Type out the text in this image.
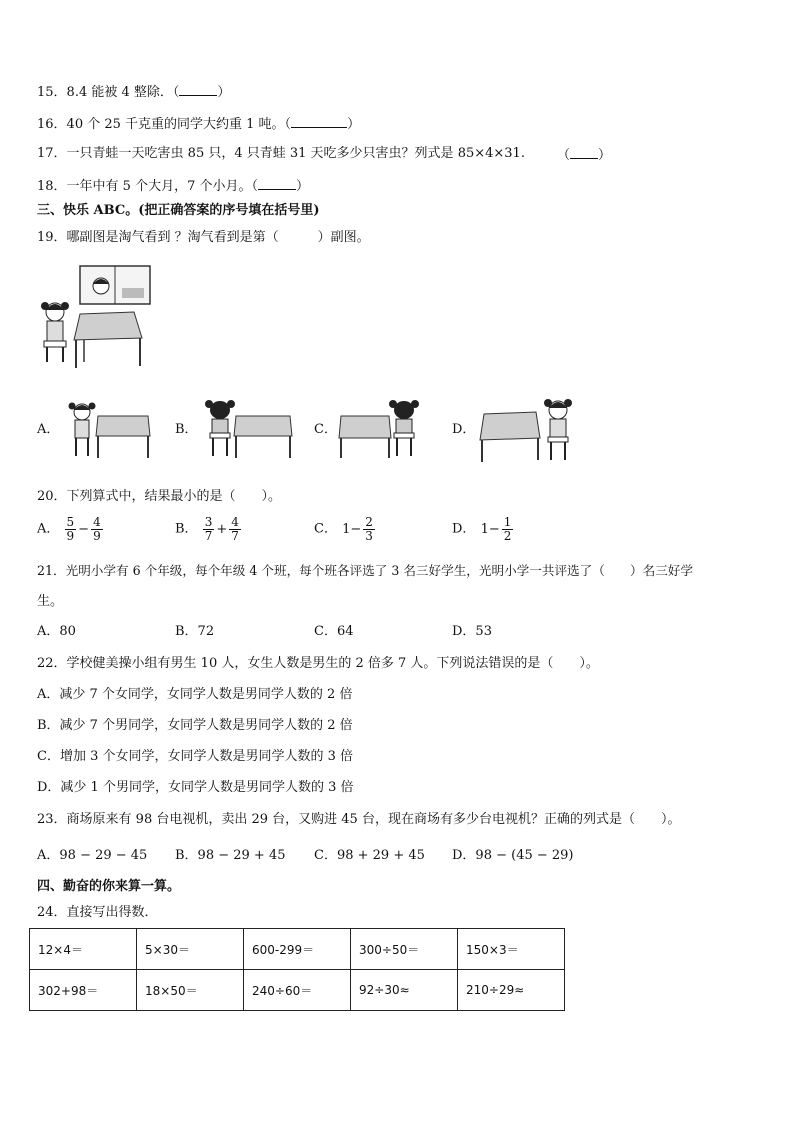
15．8.4 能被 4 整除．（	）
16．40 个 25 千克重的同学大约重 1 吨。（	）
17．一只青蛙一天吃害虫 85 只，4 只青蛙 31 天吃多少只害虫？列式是 85×4×31. （ ）
18．一年中有 5 个大月，7 个小月。（	）
三、快乐 ABC。(把正确答案的序号填在括号里)
19．哪副图是淘气看到 ？淘气看到是第（　　　）副图。
A．	B．	C．	D．
20．下列算式中，结果最小的是（　　）。
A． $\frac{5}{9} - \frac{4}{9}$	B． $\frac{3}{7} + \frac{4}{7}$	C． $1- \frac{2}{3}$	D． $1- \frac{1}{2}$
21．光明小学有 6 个年级，每个年级 4 个班，每个班各评选了 3 名三好学生，光明小学一共评选了（　　）名三好学
生。
A．80	B．72	C．64	D．53
22．学校健美操小组有男生 10 人，女生人数是男生的 2 倍多 7 人。下列说法错误的是（　　）。
A．减少 7 个女同学，女同学人数是男同学人数的 2 倍
B．减少 7 个男同学，女同学人数是男同学人数的 2 倍
C．增加 3 个女同学，女同学人数是男同学人数的 3 倍
D．减少 1 个男同学，女同学人数是男同学人数的 3 倍
23．商场原来有 98 台电视机，卖出 29 台，又购进 45 台，现在商场有多少台电视机？正确的列式是（　　）。
A．98 − 29 − 45 B．98 − 29 + 45 C．98 + 29 + 45 D．98 − (45 − 29)
四、勤奋的你来算一算。
24．直接写出得数．
12×4＝	5×30＝	600-299＝	300÷50＝	150×3＝
302+98＝	18×50＝	240÷60＝	92÷30≈	210÷29≈
